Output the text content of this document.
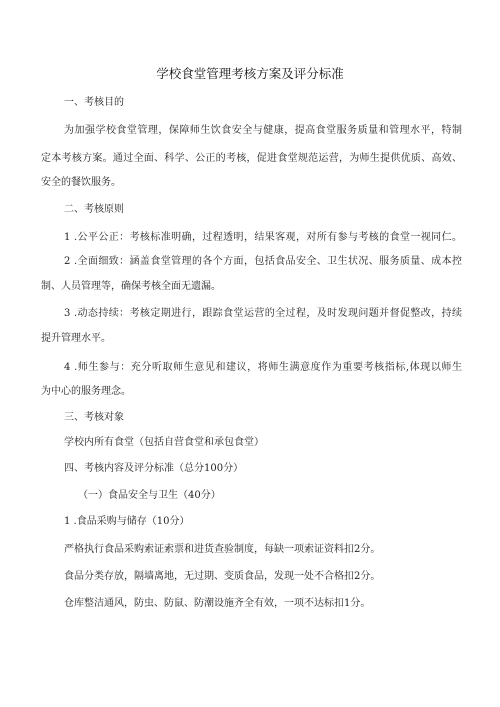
学校食堂管理考核方案及评分标准
一、考核目的
为加强学校食堂管理，保障师生饮食安全与健康，提高食堂服务质量和管理水平，特制
定本考核方案。通过全面、科学、公正的考核，促进食堂规范运营，为师生提供优质、高效、
安全的餐饮服务。
二、考核原则
1 .公平公正：考核标准明确，过程透明，结果客观，对所有参与考核的食堂一视同仁。
2 .全面细致：涵盖食堂管理的各个方面，包括食品安全、卫生状况、服务质量、成本控
制、人员管理等，确保考核全面无遗漏。
3 .动态持续：考核定期进行，跟踪食堂运营的全过程，及时发现问题并督促整改，持续
提升管理水平。
4 .师生参与：充分听取师生意见和建议，将师生满意度作为重要考核指标,体现以师生
为中心的服务理念。
三、考核对象
学校内所有食堂（包括自营食堂和承包食堂）
四、考核内容及评分标准（总分100分）
（一）食品安全与卫生（40分）
1 .食品采购与储存（10分）
严格执行食品采购索证索票和进货查验制度，每缺一项索证资料扣2分。
食品分类存放，隔墙离地，无过期、变质食品，发现一处不合格扣2分。
仓库整洁通风，防虫、防鼠、防潮设施齐全有效，一项不达标扣1分。
